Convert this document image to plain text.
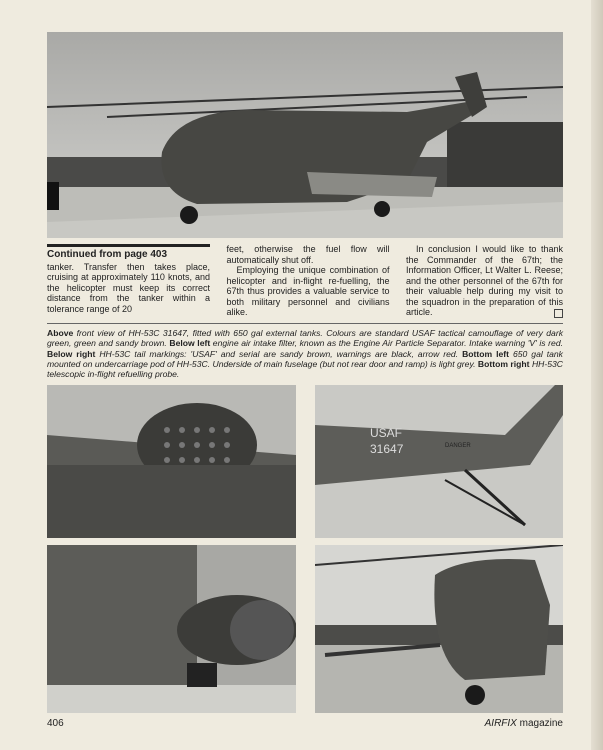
Continued from page 403
tanker. Transfer then takes place, cruising at approximately 110 knots, and the helicopter must keep its correct distance from the tanker within a tolerance range of 20
feet, otherwise the fuel flow will automatically shut off.
Employing the unique combination of helicopter and in-flight re-fuelling, the 67th thus provides a valuable service to both military personnel and civilians alike.
In conclusion I would like to thank the Commander of the 67th; the Information Officer, Lt Walter L. Reese; and the other personnel of the 67th for their valuable help during my visit to the squadron in the preparation of this article.
Above front view of HH-53C 31647, fitted with 650 gal external tanks. Colours are standard USAF tactical camouflage of very dark green, green and sandy brown. Below left engine air intake filter, known as the Engine Air Particle Separator. Intake warning 'V' is red. Below right HH-53C tail markings: 'USAF' and serial are sandy brown, warnings are black, arrow red. Bottom left 650 gal tank mounted on undercarriage pod of HH-53C. Underside of main fuselage (but not rear door and ramp) is light grey. Bottom right HH-53C telescopic in-flight refuelling probe.
USAF
31647	DANGER
406	AIRFIX magazine
